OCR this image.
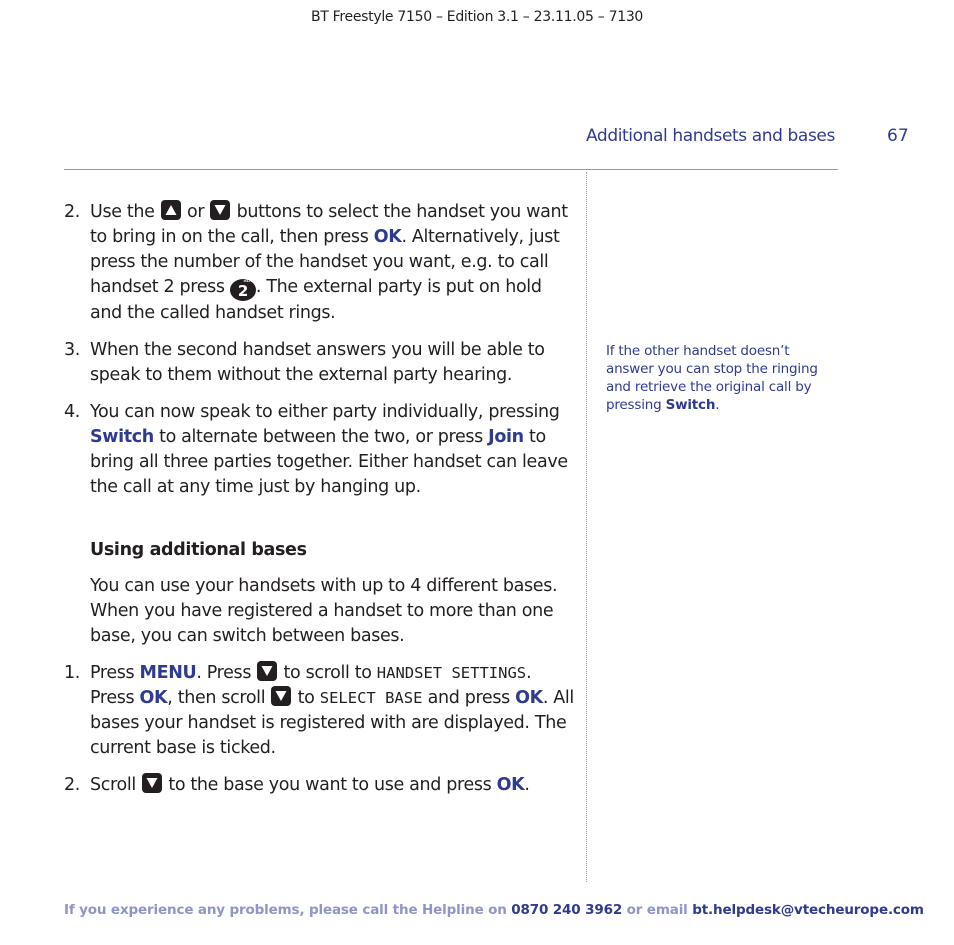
BT Freestyle 7150 – Edition 3.1 – 23.11.05 – 7130
Additional handsets and bases	67
2. Use the or buttons to select the handset you want to bring in on the call, then press OK. Alternatively, just press the number of the handset you want, e.g. to call handset 2 press	abc
2 . The external party is put on hold and the called handset rings.
3. When the second handset answers you will be able to speak to them without the external party hearing.
4. You can now speak to either party individually, pressing Switch to alternate between the two, or press Join to bring all three parties together. Either handset can leave the call at any time just by hanging up.
Using additional bases
You can use your handsets with up to 4 different bases. When you have registered a handset to more than one base, you can switch between bases.
1. Press MENU. Press to scroll to HANDSET SETTINGS. Press OK, then scroll to SELECT BASE and press OK. All bases your handset is registered with are displayed. The current base is ticked.
2. Scroll to the base you want to use and press OK.
If the other handset doesn’t answer you can stop the ringing and retrieve the original call by pressing Switch.
If you experience any problems, please call the Helpline on 0870 240 3962 or email bt.helpdesk@vtecheurope.com
